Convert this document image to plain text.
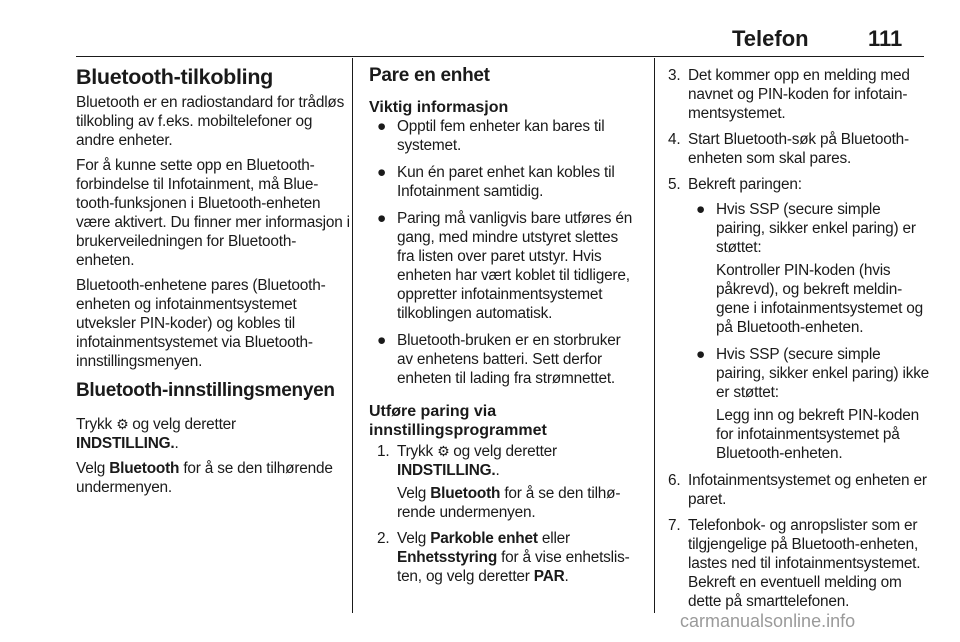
Telefon	111
Bluetooth-tilkobling

Bluetooth er en radiostandard for trådløs tilkobling av f.eks. mobiltelefoner og andre enheter.

For å kunne sette opp en Bluetooth-forbindelse til Infotainment, må Bluetooth-funksjonen i Bluetooth-enheten være aktivert. Du finner mer informasjon i brukerveiledningen for Bluetooth-enheten.

Bluetooth-enhetene pares (Bluetooth-enheten og infotainmentsystemet utveksler PIN-koder) og kobles til infotainmentsystemet via Bluetooth-innstillingsmenyen.

Bluetooth-innstillingsmenyen

Trykk ⚙ og velg deretter
INDSTILLING..

Velg Bluetooth for å se den tilhørende undermenyen.

Pare en enhet
Viktig informasjon
● Opptil fem enheter kan bares til systemet.
● Kun én paret enhet kan kobles til Infotainment samtidig.
● Paring må vanligvis bare utføres én gang, med mindre utstyret slettes fra listen over paret utstyr. Hvis enheten har vært koblet til tidligere, oppretter infotainmentsystemet tilkoblingen automatisk.
● Bluetooth-bruken er en storbruker av enhetens batteri. Sett derfor enheten til lading fra strømnettet.
Utføre paring via innstillingsprogrammet
1. Trykk ⚙ og velg deretter
INDSTILLING..

Velg Bluetooth for å se den tilhørende undermenyen.

2. Velg Parkoble enhet eller Enhetsstyring for å vise enhetslisten, og velg deretter PAR.
3. Det kommer opp en melding med navnet og PIN-koden for infotainmentsystemet.
4. Start Bluetooth-søk på Bluetooth-enheten som skal pares.
5. Bekreft paringen:
● Hvis SSP (secure simple pairing, sikker enkel paring) er støttet:

Kontroller PIN-koden (hvis påkrevd), og bekreft meldingene i infotainmentsystemet og på Bluetooth-enheten.

● Hvis SSP (secure simple pairing, sikker enkel paring) ikke er støttet:

Legg inn og bekreft PIN-koden for infotainmentsystemet på Bluetooth-enheten.

6. Infotainmentsystemet og enheten er paret.
7. Telefonbok- og anropslister som er tilgjengelige på Bluetooth-enheten, lastes ned til infotainmentsystemet. Bekreft en eventuell melding om dette på smarttelefonen.
carmanualsonline.info
